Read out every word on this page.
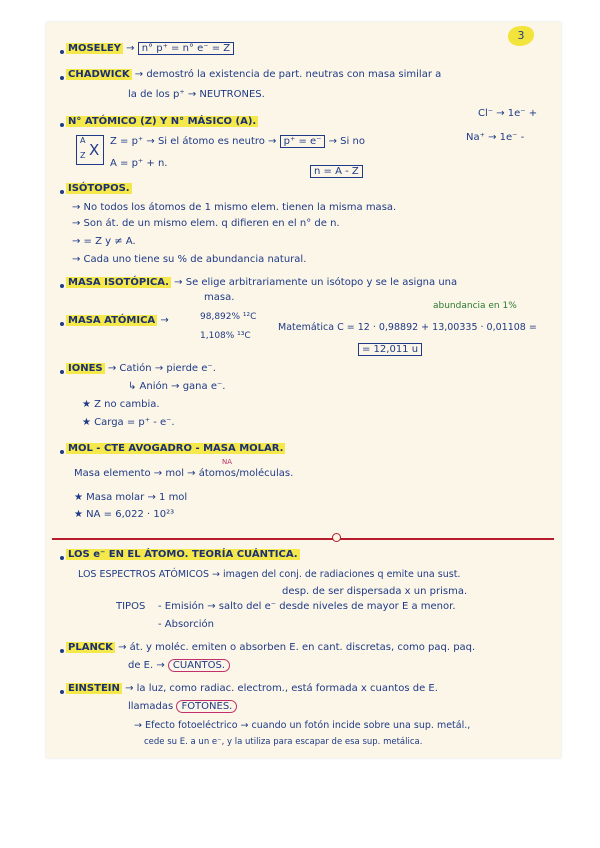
3
MOSELEY → n° p⁺ = n° e⁻ = Z
CHADWICK → demostró la existencia de part. neutras con masa similar a
la de los p⁺ → NEUTRONES.
N° ATÓMICO (Z) Y N° MÁSICO (A).
Cl⁻ → 1e⁻ +
Na⁺ → 1e⁻ -
A
Z X Z = p⁺ → Si el átomo es neutro → p⁺ = e⁻ → Si no
A = p⁺ + n.
n = A - Z
ISÓTOPOS.
→ No todos los átomos de 1 mismo elem. tienen la misma masa.
→ Son át. de un mismo elem. q difieren en el n° de n.
→ = Z y ≠ A.
→ Cada uno tiene su % de abundancia natural.
MASA ISOTÓPICA. → Se elige arbitrariamente un isótopo y se le asigna una
masa.
abundancia en 1%
MASA ATÓMICA →	98,892% ¹²C
1,108% ¹³C
Matemática C = 12 · 0,98892 + 13,00335 · 0,01108 =
= 12,011 u
IONES → Catión → pierde e⁻.
↳ Anión → gana e⁻.
★ Z no cambia.
★ Carga = p⁺ - e⁻.
MOL - CTE AVOGADRO - MASA MOLAR.
NA
Masa elemento → mol → átomos/moléculas.
★ Masa molar → 1 mol
★ NA = 6,022 · 10²³
LOS e⁻ EN EL ÁTOMO. TEORÍA CUÁNTICA.
LOS ESPECTROS ATÓMICOS → imagen del conj. de radiaciones q emite una sust.
desp. de ser dispersada x un prisma.
TIPOS - Emisión → salto del e⁻ desde niveles de mayor E a menor.
- Absorción
PLANCK → át. y moléc. emiten o absorben E. en cant. discretas, como paq. paq.
de E. → CUANTOS.
EINSTEIN → la luz, como radiac. electrom., está formada x cuantos de E.
llamadas FOTONES.
→ Efecto fotoeléctrico → cuando un fotón incide sobre una sup. metál.,
cede su E. a un e⁻, y la utiliza para escapar de esa sup. metálica.
